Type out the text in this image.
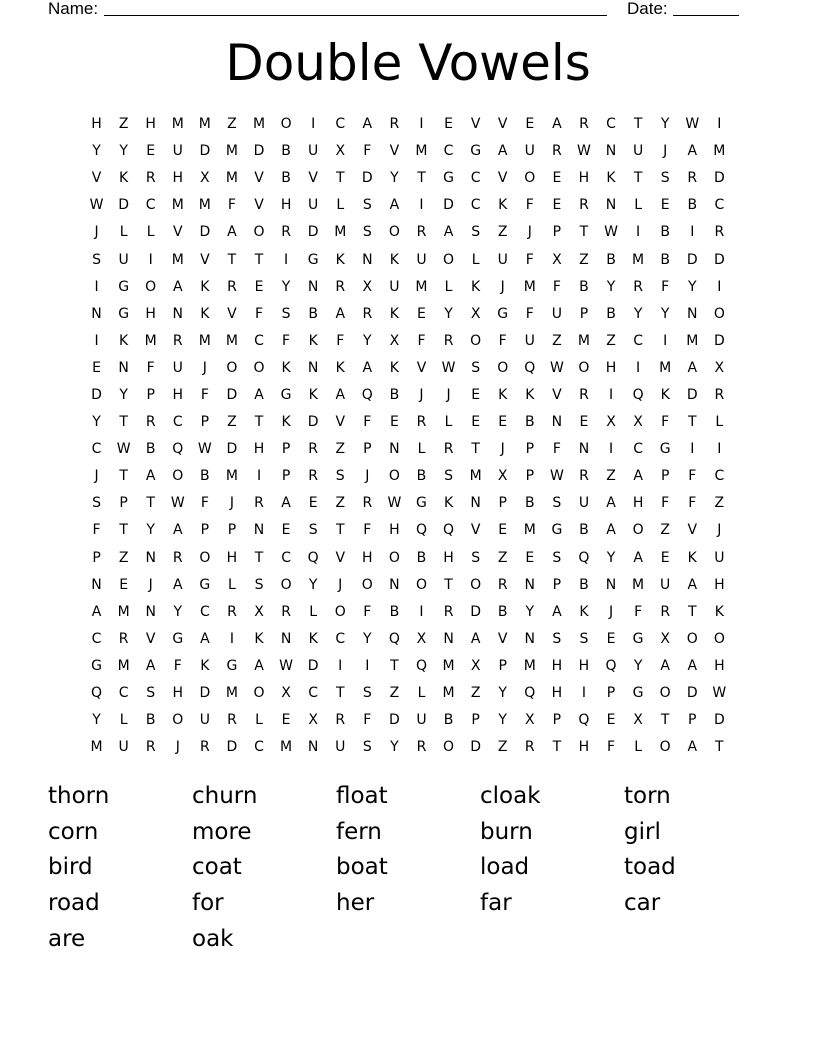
Name:	Date:
Double Vowels
H	Z	H	M	M	Z	M	O	I	C	A	R	I	E	V	V	E	A	R	C	T	Y	W	I
Y	Y	E	U	D	M	D	B	U	X	F	V	M	C	G	A	U	R	W	N	U	J	A	M
V	K	R	H	X	M	V	B	V	T	D	Y	T	G	C	V	O	E	H	K	T	S	R	D
W	D	C	M	M	F	V	H	U	L	S	A	I	D	C	K	F	E	R	N	L	E	B	C
J	L	L	V	D	A	O	R	D	M	S	O	R	A	S	Z	J	P	T	W	I	B	I	R
S	U	I	M	V	T	T	I	G	K	N	K	U	O	L	U	F	X	Z	B	M	B	D	D
I	G	O	A	K	R	E	Y	N	R	X	U	M	L	K	J	M	F	B	Y	R	F	Y	I
N	G	H	N	K	V	F	S	B	A	R	K	E	Y	X	G	F	U	P	B	Y	Y	N	O
I	K	M	R	M	M	C	F	K	F	Y	X	F	R	O	F	U	Z	M	Z	C	I	M	D
E	N	F	U	J	O	O	K	N	K	A	K	V	W	S	O	Q	W	O	H	I	M	A	X
D	Y	P	H	F	D	A	G	K	A	Q	B	J	J	E	K	K	V	R	I	Q	K	D	R
Y	T	R	C	P	Z	T	K	D	V	F	E	R	L	E	E	B	N	E	X	X	F	T	L
C	W	B	Q	W	D	H	P	R	Z	P	N	L	R	T	J	P	F	N	I	C	G	I	I
J	T	A	O	B	M	I	P	R	S	J	O	B	S	M	X	P	W	R	Z	A	P	F	C
S	P	T	W	F	J	R	A	E	Z	R	W	G	K	N	P	B	S	U	A	H	F	F	Z
F	T	Y	A	P	P	N	E	S	T	F	H	Q	Q	V	E	M	G	B	A	O	Z	V	J
P	Z	N	R	O	H	T	C	Q	V	H	O	B	H	S	Z	E	S	Q	Y	A	E	K	U
N	E	J	A	G	L	S	O	Y	J	O	N	O	T	O	R	N	P	B	N	M	U	A	H
A	M	N	Y	C	R	X	R	L	O	F	B	I	R	D	B	Y	A	K	J	F	R	T	K
C	R	V	G	A	I	K	N	K	C	Y	Q	X	N	A	V	N	S	S	E	G	X	O	O
G	M	A	F	K	G	A	W	D	I	I	T	Q	M	X	P	M	H	H	Q	Y	A	A	H
Q	C	S	H	D	M	O	X	C	T	S	Z	L	M	Z	Y	Q	H	I	P	G	O	D	W
Y	L	B	O	U	R	L	E	X	R	F	D	U	B	P	Y	X	P	Q	E	X	T	P	D
M	U	R	J	R	D	C	M	N	U	S	Y	R	O	D	Z	R	T	H	F	L	O	A	T
thorn	churn	float	cloak	torn
corn	more	fern	burn	girl
bird	coat	boat	load	toad
road	for	her	far	car
are	oak
